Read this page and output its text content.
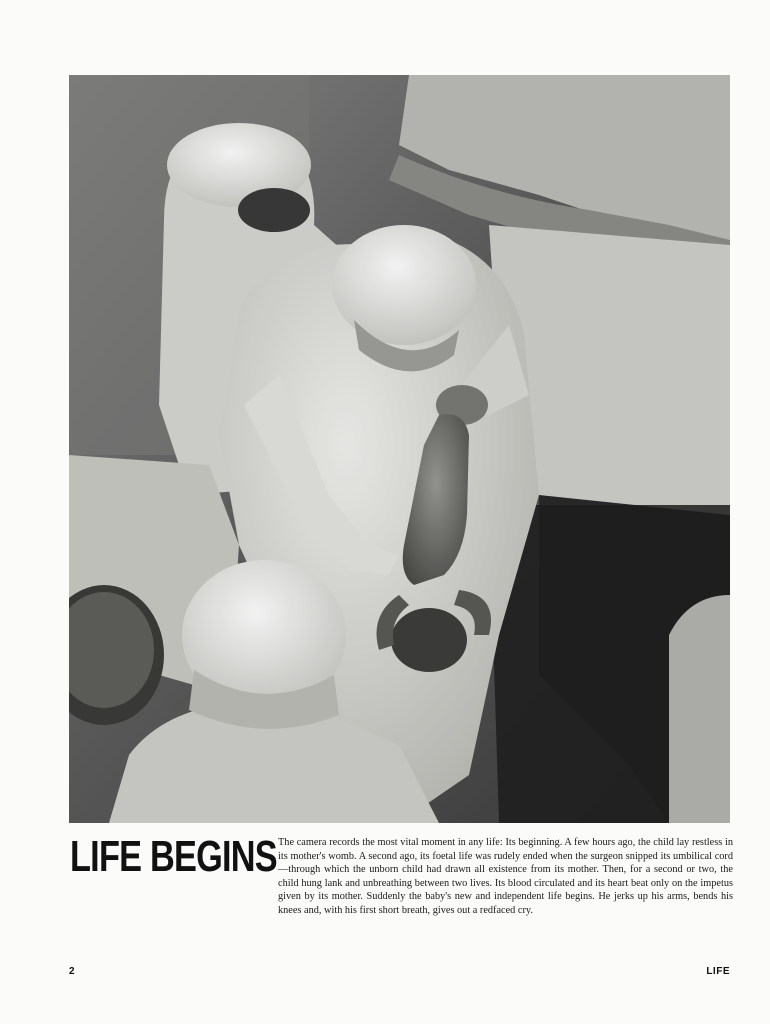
LIFE BEGINS The camera records the most vital moment in any life: Its beginning. A few hours ago, the child lay restless in its mother's womb. A second ago, its foetal life was rudely ended when the surgeon snipped its umbilical cord—through which the unborn child had drawn all existence from its mother. Then, for a second or two, the child hung lank and unbreathing between two lives. Its blood circulated and its heart beat only on the impetus given by its mother. Suddenly the baby's new and independent life begins. He jerks up his arms, bends his knees and, with his first short breath, gives out a redfaced cry.
2	LIFE
